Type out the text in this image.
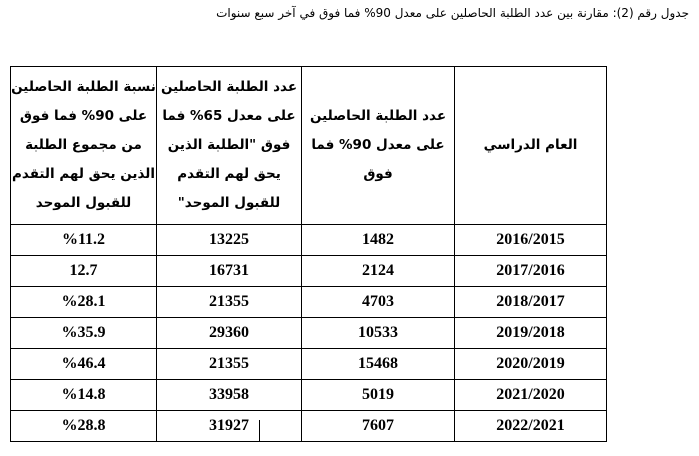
جدول رقم (2): مقارنة بين عدد الطلبة الحاصلين على معدل 90% فما فوق في آخر سبع سنوات
العام الدراسي	عدد الطلبة الحاصلين على معدل 90% فما فوق	عدد الطلبة الحاصلين على معدل 65% فما فوق "الطلبة الذين يحق لهم التقدم للقبول الموحد"	نسبة الطلبة الحاصلين على 90% فما فوق من مجموع الطلبة الذين يحق لهم التقدم للقبول الموحد
2016/2015	1482	13225	%11.2
2017/2016	2124	16731	12.7
2018/2017	4703	21355	%28.1
2019/2018	10533	29360	%35.9
2020/2019	15468	21355	%46.4
2021/2020	5019	33958	%14.8
2022/2021	7607	31927	%28.8
